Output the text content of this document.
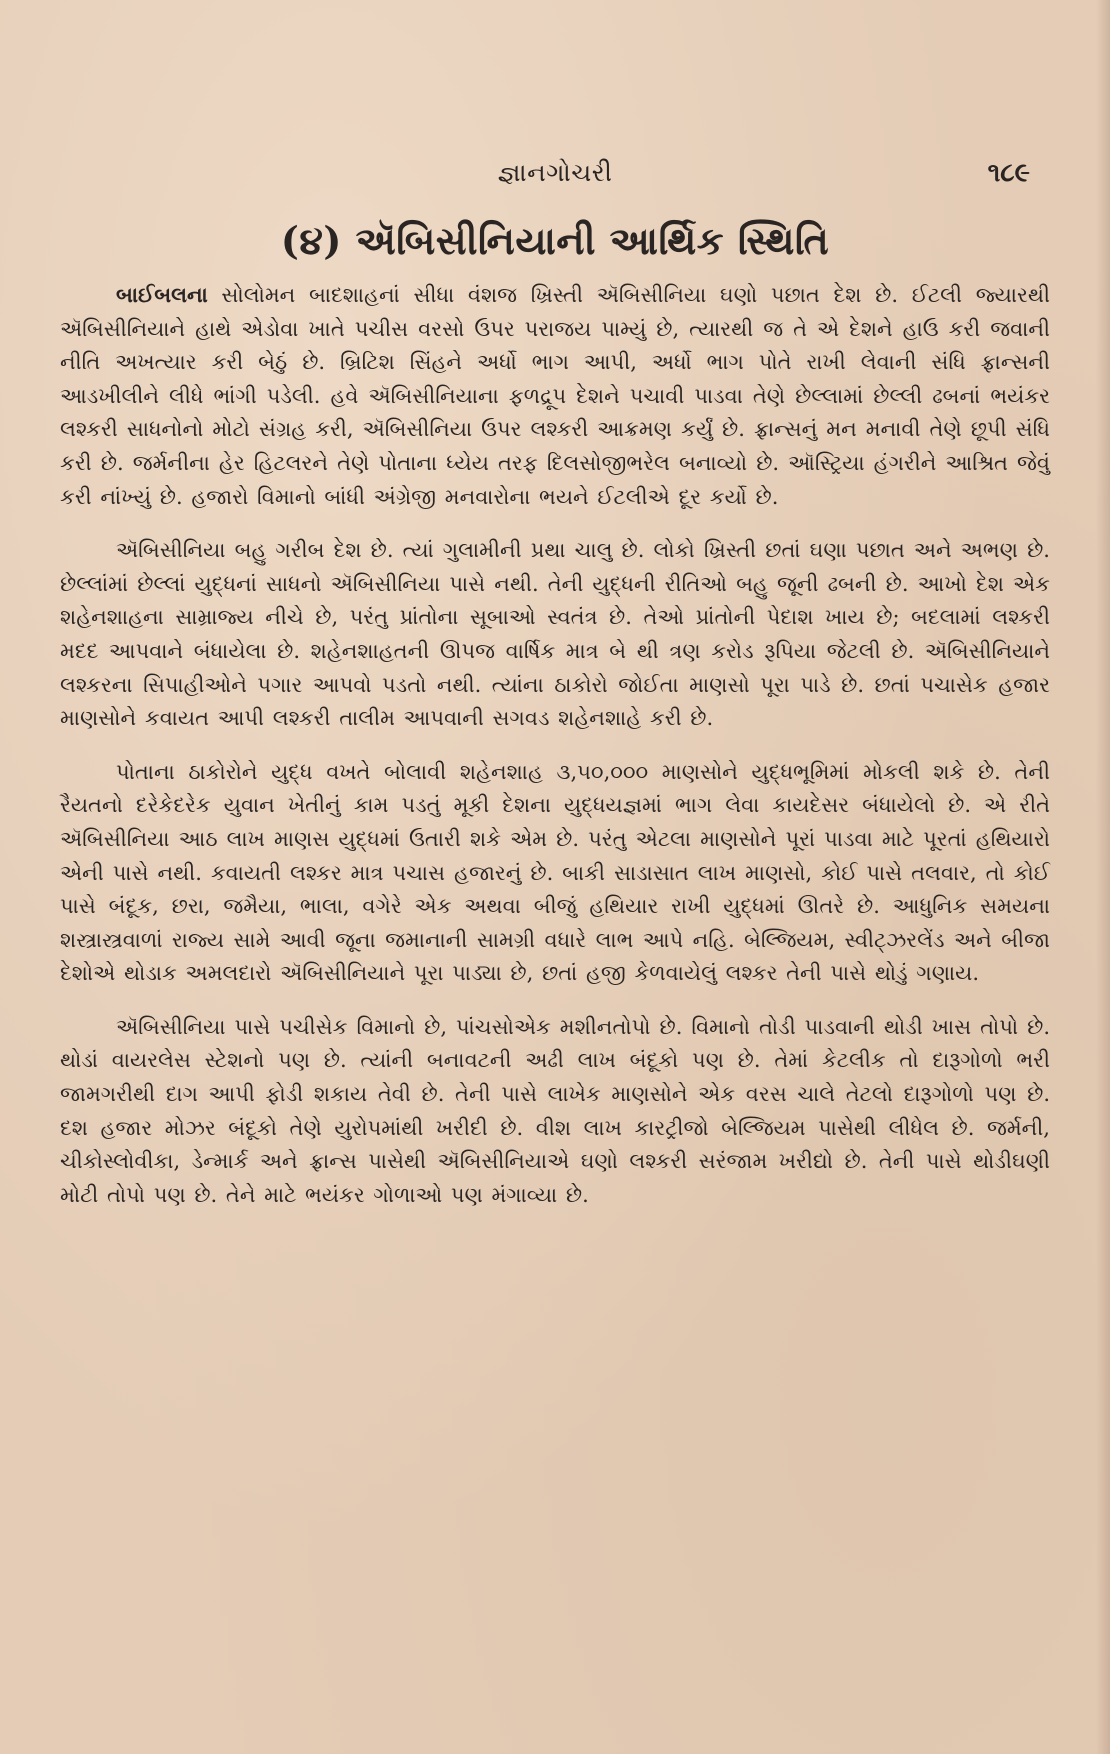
જ્ઞાનગોચરી	૧૮૯
(૪) ઍબિસીનિયાની આર્થિક સ્થિતિ

બાઈબલના સોલોમન બાદશાહનાં સીધા વંશજ ખ્રિસ્તી ઍબિસીનિયા ઘણો પછાત દેશ છે. ઈટલી જ્યારથી ઍબિસીનિયાને હાથે એડોવા ખાતે પચીસ વરસો ઉપર પરાજય પામ્યું છે, ત્યારથી જ તે એ દેશને હાઉ કરી જવાની નીતિ અખત્યાર કરી બેઠું છે. બ્રિટિશ સિંહને અર્ધો ભાગ આપી, અર્ધો ભાગ પોતે રાખી લેવાની સંધિ ફ્રાન્સની આડખીલીને લીધે ભાંગી પડેલી. હવે ઍબિસીનિયાના ફળદ્રૂપ દેશને પચાવી પાડવા તેણે છેલ્લામાં છેલ્લી ઢબનાં ભયંકર લશ્કરી સાધનોનો મોટો સંગ્રહ કરી, ઍબિસીનિયા ઉપર લશ્કરી આક્રમણ કર્યું છે. ફ્રાન્સનું મન મનાવી તેણે છૂપી સંધિ કરી છે. જર્મનીના હેર હિટલરને તેણે પોતાના ધ્યેય તરફ દિલસોજીભરેલ બનાવ્યો છે. ઑસ્ટ્રિયા હંગરીને આશ્રિત જેવું કરી નાંખ્યું છે. હજારો વિમાનો બાંધી અંગ્રેજી મનવારોના ભયને ઈટલીએ દૂર કર્યો છે.

ઍબિસીનિયા બહુ ગરીબ દેશ છે. ત્યાં ગુલામીની પ્રથા ચાલુ છે. લોકો ખ્રિસ્તી છતાં ઘણા પછાત અને અભણ છે. છેલ્લાંમાં છેલ્લાં યુદ્ધનાં સાધનો ઍબિસીનિયા પાસે નથી. તેની યુદ્ધની રીતિઓ બહુ જૂની ઢબની છે. આખો દેશ એક શહેનશાહના સામ્રાજ્ય નીચે છે, પરંતુ પ્રાંતોના સૂબાઓ સ્વતંત્ર છે. તેઓ પ્રાંતોની પેદાશ ખાય છે; બદલામાં લશ્કરી મદદ આપવાને બંધાયેલા છે. શહેનશાહતની ઊપજ વાર્ષિક માત્ર બે થી ત્રણ કરોડ રૂપિયા જેટલી છે. ઍબિસીનિયાને લશ્કરના સિપાહીઓને પગાર આપવો પડતો નથી. ત્યાંના ઠાકોરો જોઈતા માણસો પૂરા પાડે છે. છતાં પચાસેક હજાર માણસોને કવાયત આપી લશ્કરી તાલીમ આપવાની સગવડ શહેનશાહે કરી છે.

પોતાના ઠાકોરોને યુદ્ધ વખતે બોલાવી શહેનશાહ ૩,૫૦,૦૦૦ માણસોને યુદ્ધભૂમિમાં મોકલી શકે છે. તેની રૈયતનો દરેકેદરેક યુવાન ખેતીનું કામ પડતું મૂકી દેશના યુદ્ધયજ્ઞમાં ભાગ લેવા કાયદેસર બંધાયેલો છે. એ રીતે ઍબિસીનિયા આઠ લાખ માણસ યુદ્ધમાં ઉતારી શકે એમ છે. પરંતુ એટલા માણસોને પૂરાં પાડવા માટે પૂરતાં હથિયારો એની પાસે નથી. કવાયતી લશ્કર માત્ર પચાસ હજારનું છે. બાકી સાડાસાત લાખ માણસો, કોઈ પાસે તલવાર, તો કોઈ પાસે બંદૂક, છરા, જમૈયા, ભાલા, વગેરે એક અથવા બીજું હથિયાર રાખી યુદ્ધમાં ઊતરે છે. આધુનિક સમયના શસ્ત્રાસ્ત્રવાળાં રાજ્ય સામે આવી જૂના જમાનાની સામગ્રી વધારે લાભ આપે નહિ. બેલ્જિયમ, સ્વીટ્ઝરલેંડ અને બીજા દેશોએ થોડાક અમલદારો ઍબિસીનિયાને પૂરા પાડ્યા છે, છતાં હજી કેળવાયેલું લશ્કર તેની પાસે થોડું ગણાય.

ઍબિસીનિયા પાસે પચીસેક વિમાનો છે, પાંચસોએક મશીનતોપો છે. વિમાનો તોડી પાડવાની થોડી ખાસ તોપો છે. થોડાં વાયરલેસ સ્ટેશનો પણ છે. ત્યાંની બનાવટની અઢી લાખ બંદૂકો પણ છે. તેમાં કેટલીક તો દારૂગોળો ભરી જામગરીથી દાગ આપી ફોડી શકાય તેવી છે. તેની પાસે લાખેક માણસોને એક વરસ ચાલે તેટલો દારૂગોળો પણ છે. દશ હજાર મોઝર બંદૂકો તેણે યુરોપમાંથી ખરીદી છે. વીશ લાખ કારટ્રીજો બેલ્જિયમ પાસેથી લીધેલ છે. જર્મની, ચીકોસ્લોવીકા, ડેન્માર્ક અને ફ્રાન્સ પાસેથી ઍબિસીનિયાએ ઘણો લશ્કરી સરંજામ ખરીદ્યો છે. તેની પાસે થોડીઘણી મોટી તોપો પણ છે. તેને માટે ભયંકર ગોળાઓ પણ મંગાવ્યા છે.
